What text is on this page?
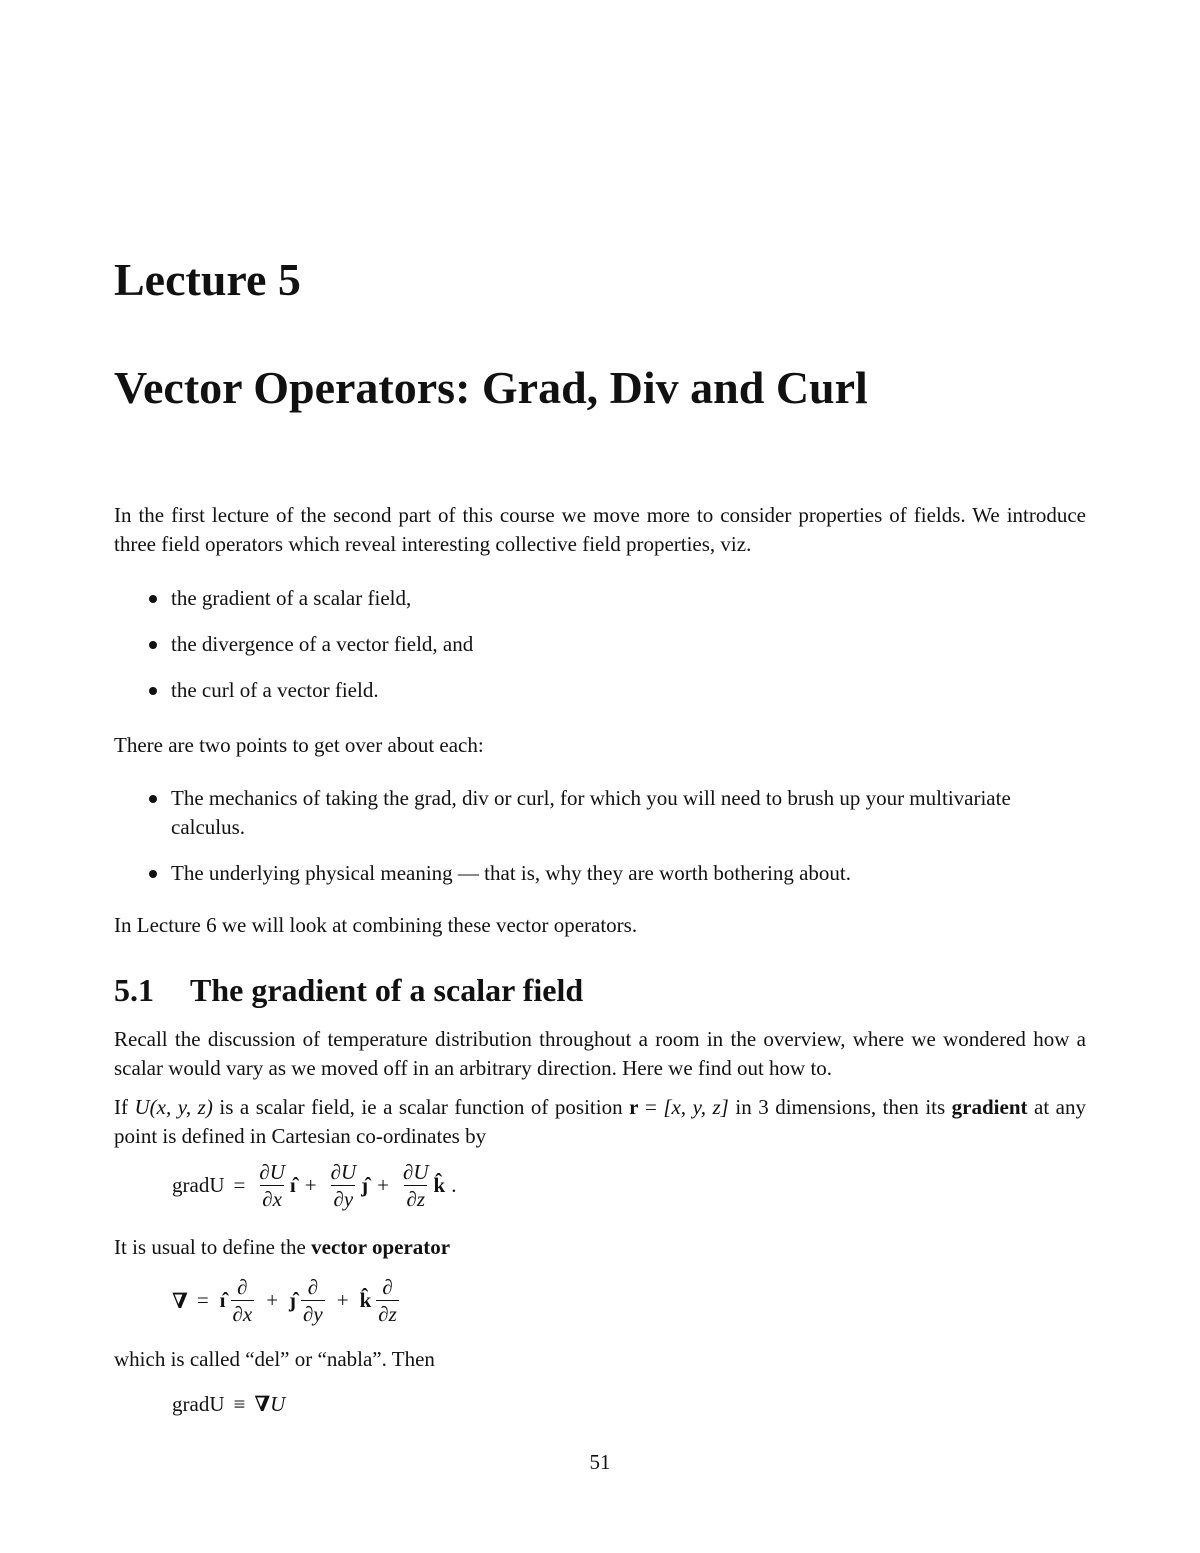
Lecture 5
Vector Operators: Grad, Div and Curl

In the first lecture of the second part of this course we move more to consider properties of fields. We introduce three field operators which reveal interesting collective field properties, viz.

the gradient of a scalar field,
the divergence of a vector field, and
the curl of a vector field.

There are two points to get over about each:

The mechanics of taking the grad, div or curl, for which you will need to brush up your multivariate calculus.
The underlying physical meaning — that is, why they are worth bothering about.

In Lecture 6 we will look at combining these vector operators.

5.1 The gradient of a scalar field

Recall the discussion of temperature distribution throughout a room in the overview, where we wondered how a scalar would vary as we moved off in an arbitrary direction. Here we find out how to.

If U(x, y, z) is a scalar field, ie a scalar function of position r = [x, y, z] in 3 dimensions, then its gradient at any point is defined in Cartesian co-ordinates by

gradU = $\frac{\partial U}{\partial x}$ ı̂ + $\frac{\partial U}{\partial y}$ ȷ̂ + $\frac{\partial U}{\partial z}$ k̂ .

It is usual to define the vector operator

∇ = ı̂ $\frac{\partial}{\partial x}$ + ȷ̂ $\frac{\partial}{\partial y}$ + k̂ $\frac{\partial}{\partial z}$

which is called “del” or “nabla”. Then

gradU ≡ ∇ U
51
